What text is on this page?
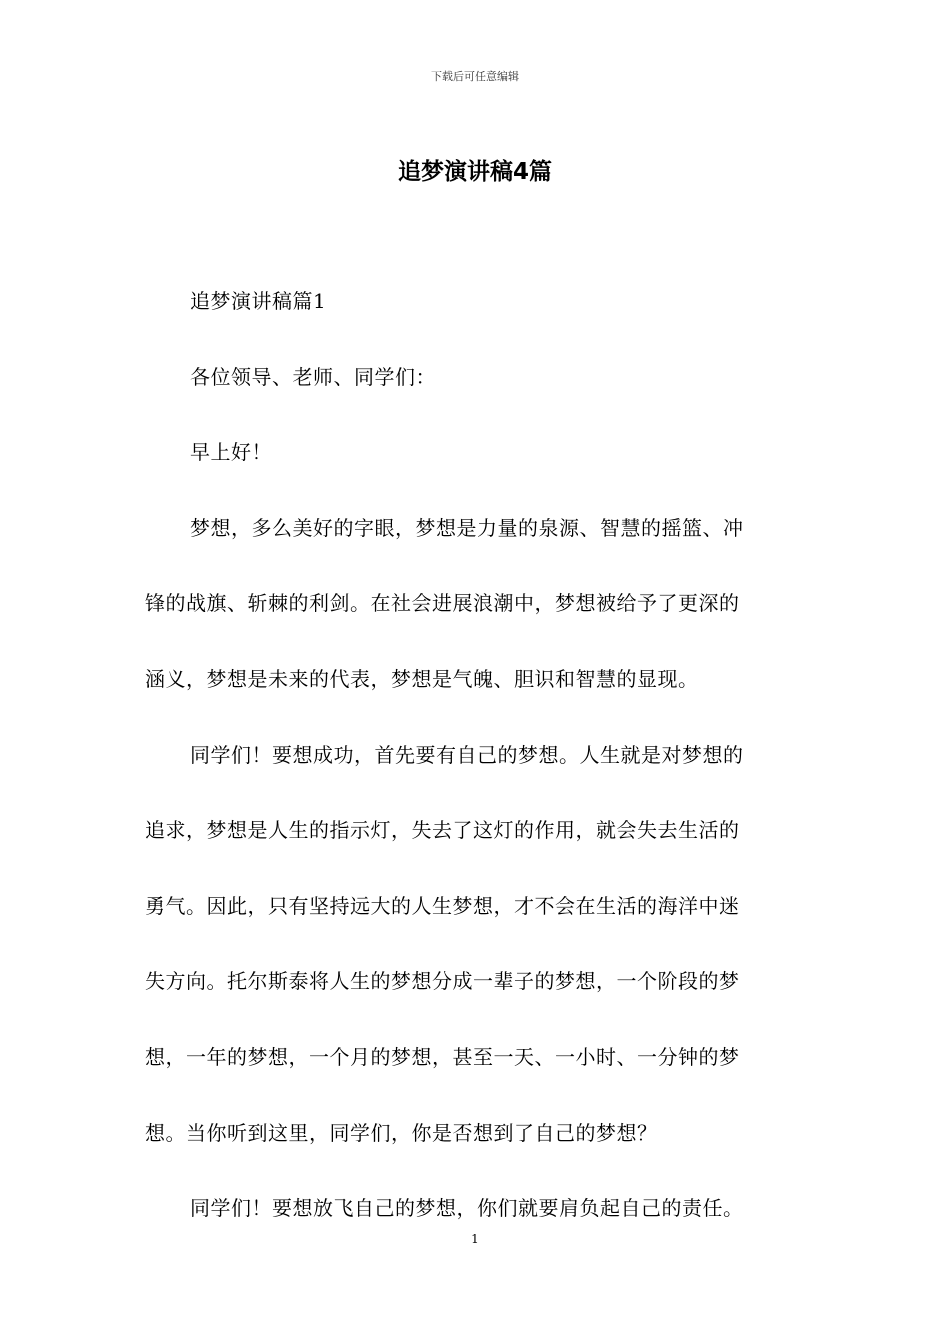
下载后可任意编辑
追梦演讲稿4篇

追梦演讲稿篇1

各位领导、老师、同学们：

早上好！

梦想，多么美好的字眼，梦想是力量的泉源、智慧的摇篮、冲

锋的战旗、斩棘的利剑。在社会进展浪潮中，梦想被给予了更深的

涵义，梦想是未来的代表，梦想是气魄、胆识和智慧的显现。

同学们！要想成功，首先要有自己的梦想。人生就是对梦想的

追求，梦想是人生的指示灯，失去了这灯的作用，就会失去生活的

勇气。因此，只有坚持远大的人生梦想，才不会在生活的海洋中迷

失方向。托尔斯泰将人生的梦想分成一辈子的梦想，一个阶段的梦

想，一年的梦想，一个月的梦想，甚至一天、一小时、一分钟的梦

想。当你听到这里，同学们，你是否想到了自己的梦想？

同学们！要想放飞自己的梦想，你们就要肩负起自己的责任。

1
